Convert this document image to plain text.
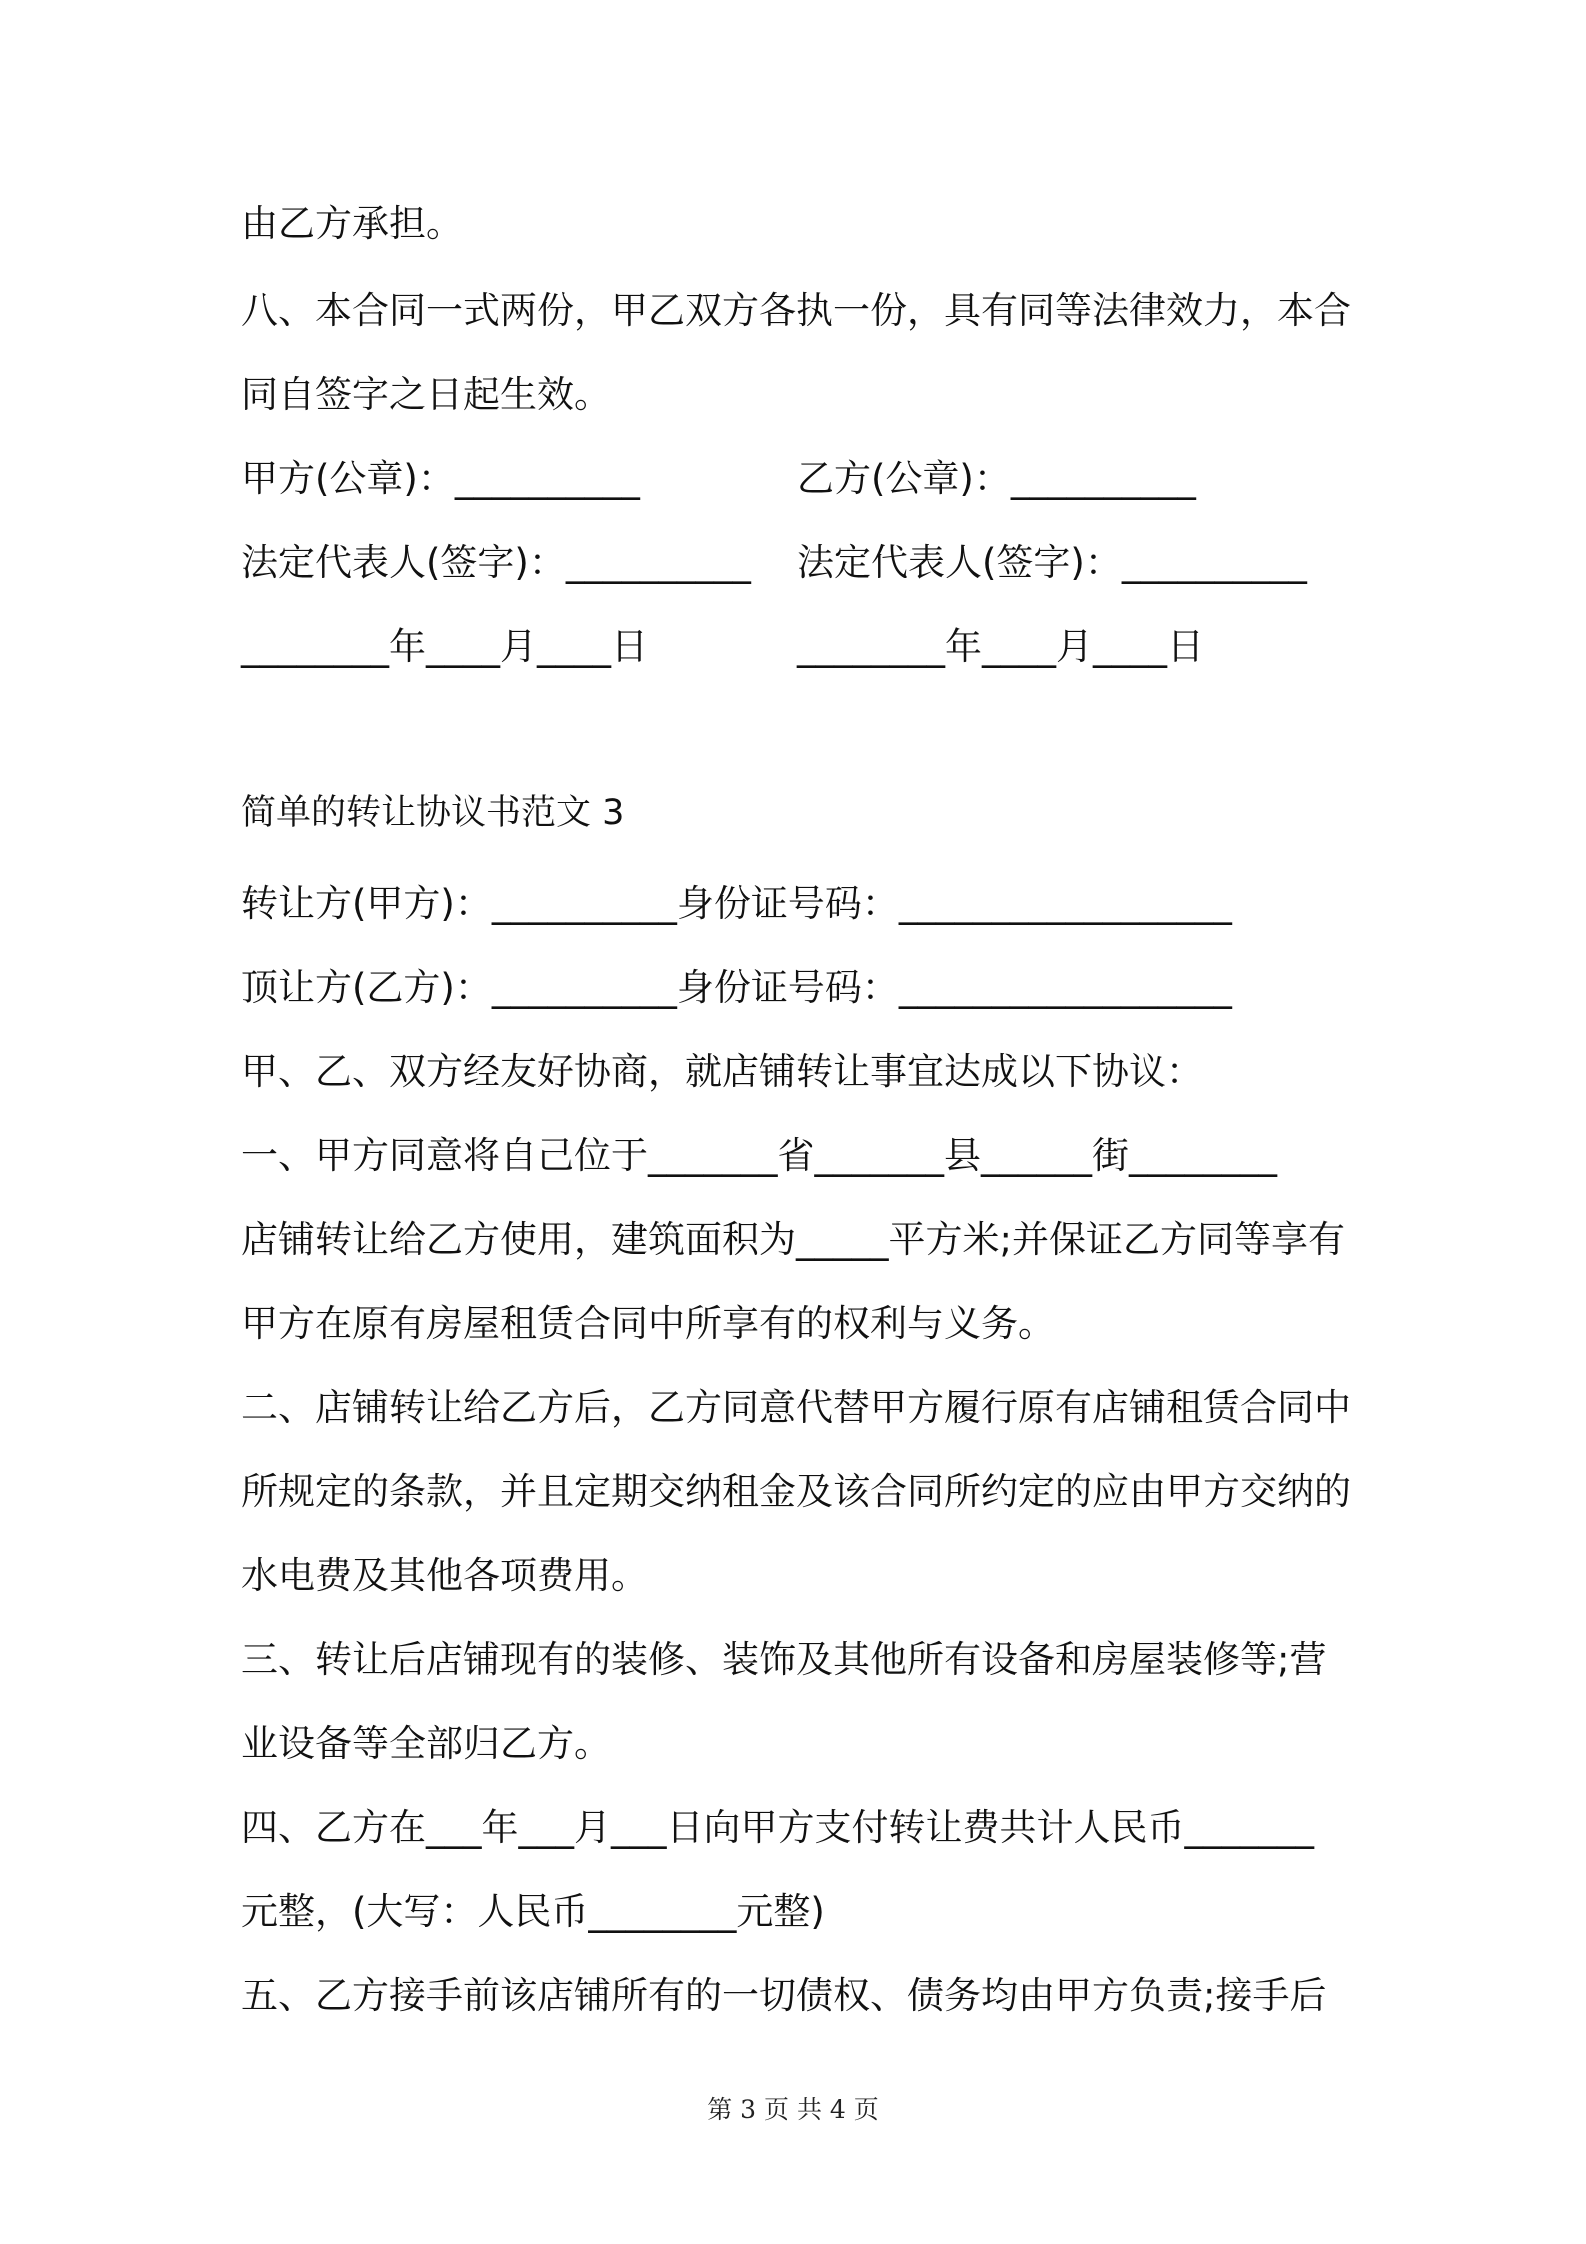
由乙方承担。
八、本合同一式两份，甲乙双方各执一份，具有同等法律效力，本合
同自签字之日起生效。
甲方(公章)：__________	乙方(公章)：__________
法定代表人(签字)：__________ 法定代表人(签字)：__________
________年____月____日	________年____月____日
简单的转让协议书范文 3
转让方(甲方)：__________身份证号码：__________________
顶让方(乙方)：__________身份证号码：__________________
甲、乙、双方经友好协商，就店铺转让事宜达成以下协议：
一、甲方同意将自己位于_______省_______县______街________
店铺转让给乙方使用，建筑面积为_____平方米;并保证乙方同等享有
甲方在原有房屋租赁合同中所享有的权利与义务。
二、店铺转让给乙方后，乙方同意代替甲方履行原有店铺租赁合同中
所规定的条款，并且定期交纳租金及该合同所约定的应由甲方交纳的
水电费及其他各项费用。
三、转让后店铺现有的装修、装饰及其他所有设备和房屋装修等;营
业设备等全部归乙方。
四、乙方在___年___月___日向甲方支付转让费共计人民币_______
元整，(大写：人民币________元整)
五、乙方接手前该店铺所有的一切债权、债务均由甲方负责;接手后
第 3 页 共 4 页
